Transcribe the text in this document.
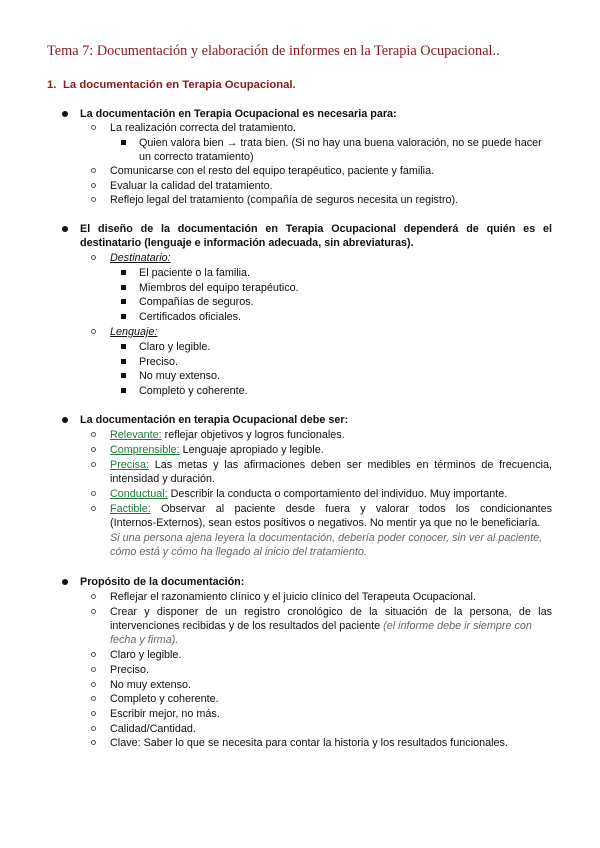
Tema 7: Documentación y elaboración de informes en la Terapia Ocupacional..
1. La documentación en Terapia Ocupacional.
La documentación en Terapia Ocupacional es necesaria para:
La realización correcta del tratamiento.
Quien valora bien → trata bien. (Si no hay una buena valoración, no se puede hacer
un correcto tratamiento)
Comunicarse con el resto del equipo terapéutico, paciente y familia.
Evaluar la calidad del tratamiento.
Reflejo legal del tratamiento (compañía de seguros necesita un registro).
El diseño de la documentación en Terapia Ocupacional dependerá de quién es el
destinatario (lenguaje e información adecuada, sin abreviaturas).
Destinatario:
El paciente o la familia.
Miembros del equipo terapéutico.
Compañías de seguros.
Certificados oficiales.
Lenguaje:
Claro y legible.
Preciso.
No muy extenso.
Completo y coherente.
La documentación en terapia Ocupacional debe ser:
Relevante: reflejar objetivos y logros funcionales.
Comprensible: Lenguaje apropiado y legible.
Precisa: Las metas y las afirmaciones deben ser medibles en términos de frecuencia,
intensidad y duración.
Conductual: Describir la conducta o comportamiento del individuo. Muy importante.
Factible: Observar al paciente desde fuera y valorar todos los condicionantes
(Internos-Externos), sean estos positivos o negativos. No mentir ya que no le beneficiaría.
Si una persona ajena leyera la documentación, debería poder conocer, sin ver al paciente,
cómo está y cómo ha llegado al inicio del tratamiento.
Propósito de la documentación:
Reflejar el razonamiento clínico y el juicio clínico del Terapeuta Ocupacional.
Crear y disponer de un registro cronológico de la situación de la persona, de las
intervenciones recibidas y de los resultados del paciente (el informe debe ir siempre con
fecha y firma).
Claro y legible.
Preciso.
No muy extenso.
Completo y coherente.
Escribir mejor, no más.
Calidad/Cantidad.
Clave: Saber lo que se necesita para contar la historia y los resultados funcionales.
